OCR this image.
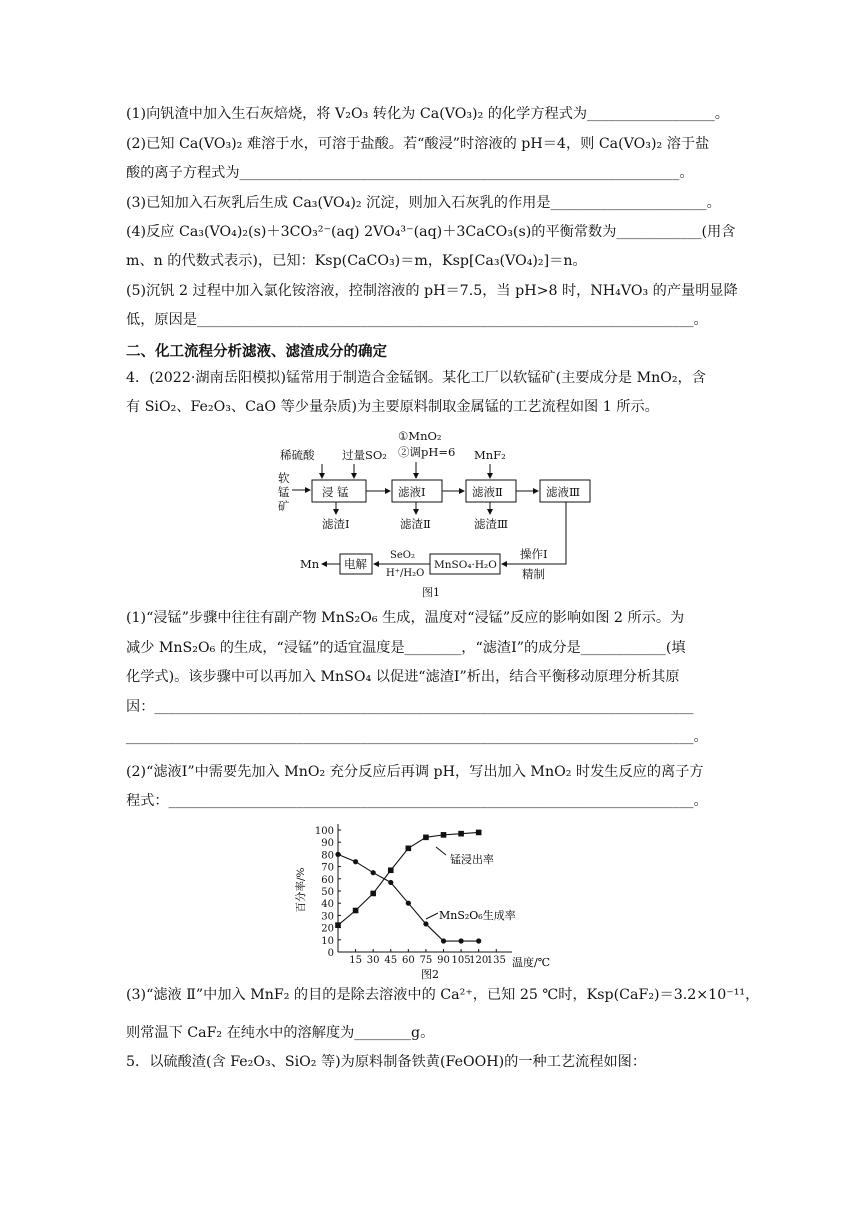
(1)向钒渣中加入生石灰焙烧，将 V₂O₃ 转化为 Ca(VO₃)₂ 的化学方程式为__________________。
(2)已知 Ca(VO₃)₂ 难溶于水，可溶于盐酸。若“酸浸”时溶液的 pH＝4，则 Ca(VO₃)₂ 溶于盐
酸的离子方程式为______________________________________________________________。
(3)已知加入石灰乳后生成 Ca₃(VO₄)₂ 沉淀，则加入石灰乳的作用是______________________。
(4)反应 Ca₃(VO₄)₂(s)＋3CO₃²⁻(aq) 2VO₄³⁻(aq)＋3CaCO₃(s)的平衡常数为____________(用含
m、n 的代数式表示)，已知：Ksp(CaCO₃)＝m，Ksp[Ca₃(VO₄)₂]＝n。
(5)沉钒 2 过程中加入氯化铵溶液，控制溶液的 pH＝7.5，当 pH>8 时，NH₄VO₃ 的产量明显降
低，原因是______________________________________________________________________。
二、化工流程分析滤液、滤渣成分的确定
4．(2022·湖南岳阳模拟)锰常用于制造合金锰钢。某化工厂以软锰矿(主要成分是 MnO₂，含
有 SiO₂、Fe₂O₃、CaO 等少量杂质)为主要原料制取金属锰的工艺流程如图 1 所示。
软
锰
矿
稀硫酸 过量SO₂
①MnO₂
②调pH=6 MnF₂
浸 锰	滤液Ⅰ	滤液Ⅱ	滤液Ⅲ
滤渣Ⅰ	滤渣Ⅱ	滤渣Ⅲ
操作Ⅰ
精制
MnSO₄·H₂O
SeO₂
H⁺/H₂O
电解
Mn
图1
(1)“浸锰”步骤中往往有副产物 MnS₂O₆ 生成，温度对“浸锰”反应的影响如图 2 所示。为
减少 MnS₂O₆ 的生成，“浸锰”的适宜温度是________，“滤渣Ⅰ”的成分是____________(填
化学式)。该步骤中可以再加入 MnSO₄ 以促进“滤渣Ⅰ”析出，结合平衡移动原理分析其原
因：____________________________________________________________________________
________________________________________________________________________________。
(2)“滤液Ⅰ”中需要先加入 MnO₂ 充分反应后再调 pH，写出加入 MnO₂ 时发生反应的离子方
程式：__________________________________________________________________________。
百分率/%
15 30 45 60 75 90 105
120
135
0
10
20
30
40
50
60
70
80
90
100
温度/℃
锰浸出率
MnS₂O₆生成率
图2
(3)“滤液 Ⅱ”中加入 MnF₂ 的目的是除去溶液中的 Ca²⁺，已知 25 ℃时，Ksp(CaF₂)＝3.2×10⁻¹¹，
则常温下 CaF₂ 在纯水中的溶解度为________g。
5．以硫酸渣(含 Fe₂O₃、SiO₂ 等)为原料制备铁黄(FeOOH)的一种工艺流程如图：
